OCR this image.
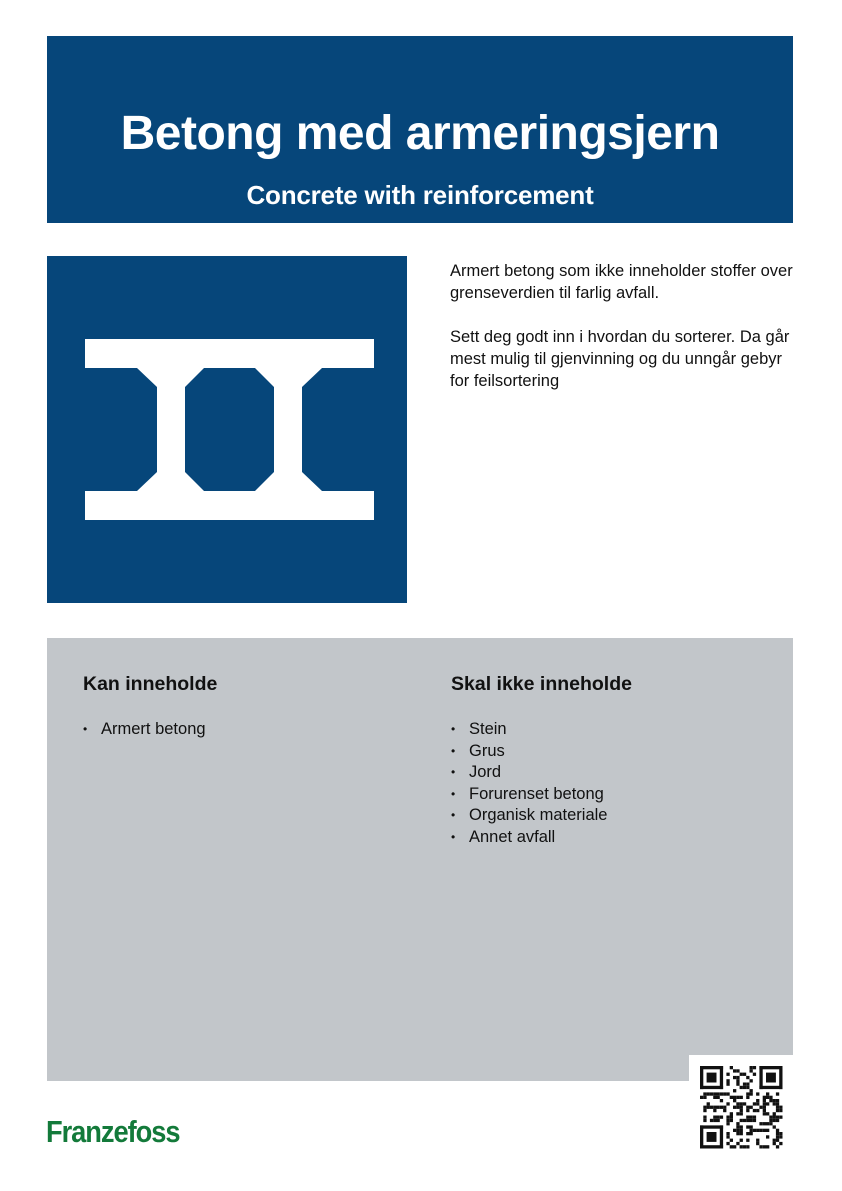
Betong med armeringsjern
Concrete with reinforcement

Armert betong som ikke inneholder stoffer over grenseverdien til farlig avfall.

Sett deg godt inn i hvordan du sorterer. Da går mest mulig til gjenvinning og du unngår gebyr for feilsortering

Kan inneholde
• Armert betong
Skal ikke inneholde
• Stein
• Grus
• Jord
• Forurenset betong
• Organisk materiale
• Annet avfall
Franzefoss
